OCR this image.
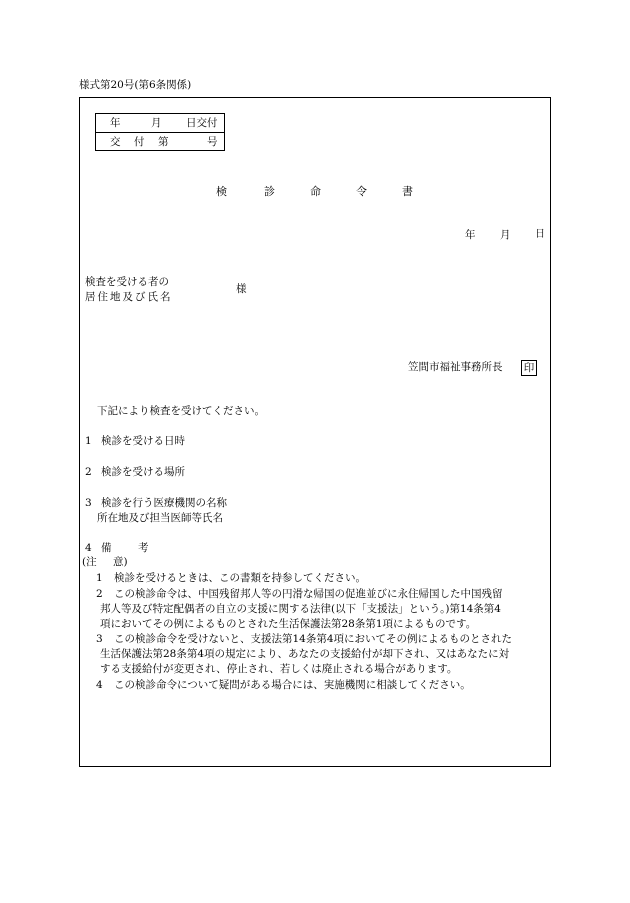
様式第20号(第6条関係)
年	月 日交付
交 付 第	号
検	診	命	令	書
年 月 日
検査を受ける者の
居住地及び氏名
様
笠間市福祉事務所長 印
下記により検査を受けてください。
1 検診を受ける日時
2 検診を受ける場所
3 検診を行う医療機関の名称
所在地及び担当医師等氏名
4 備	考
(注 意)
1 検診を受けるときは、この書類を持参してください。
2 この検診命令は、中国残留邦人等の円滑な帰国の促進並びに永住帰国した中国残留
邦人等及び特定配偶者の自立の支援に関する法律(以下「支援法」という。)第14条第4
項においてその例によるものとされた生活保護法第28条第1項によるものです。
3 この検診命令を受けないと、支援法第14条第4項においてその例によるものとされた
生活保護法第28条第4項の規定により、あなたの支援給付が却下され、又はあなたに対
する支援給付が変更され、停止され、若しくは廃止される場合があります。
4 この検診命令について疑問がある場合には、実施機関に相談してください。
